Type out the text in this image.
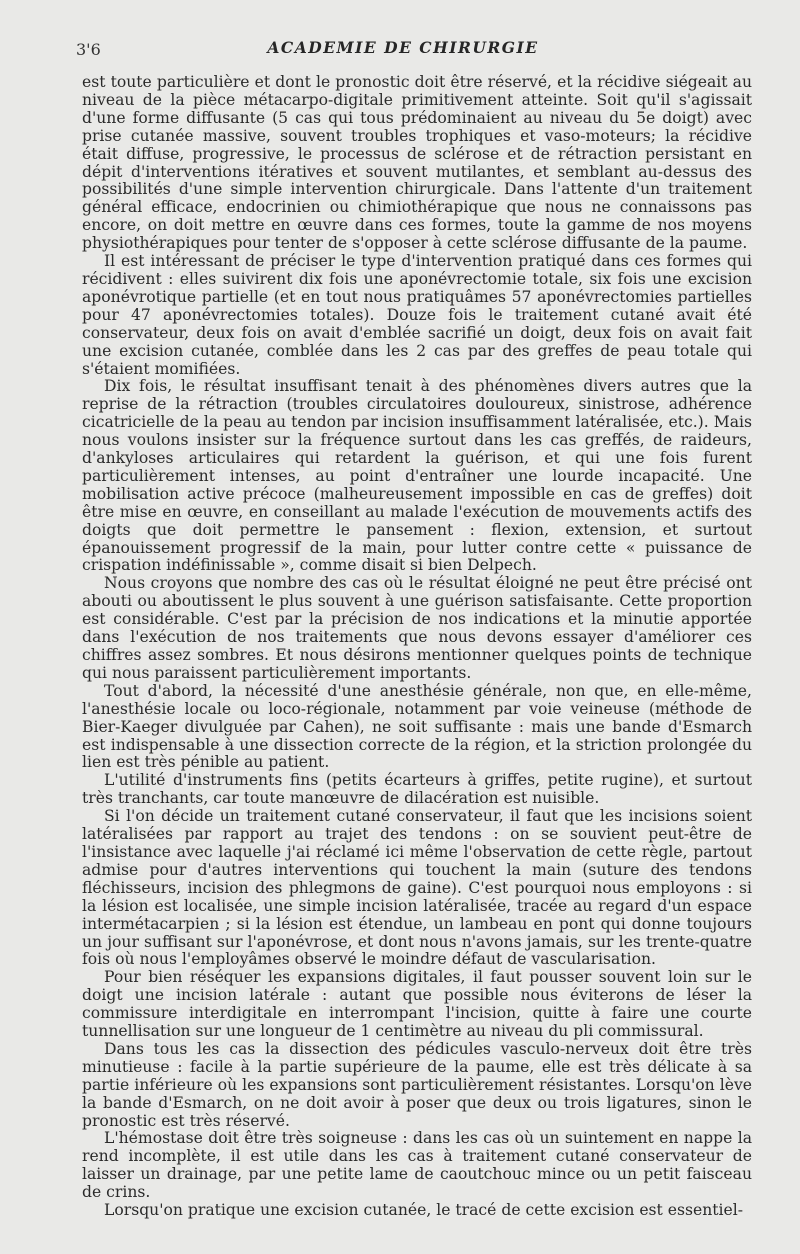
3'6	ACADEMIE DE CHIRURGIE

est toute particulière et dont le pronostic doit être réservé, et la récidive siégeait au niveau de la pièce métacarpo-digitale primitivement atteinte. Soit qu'il s'agissait d'une forme diffusante (5 cas qui tous prédominaient au niveau du 5e doigt) avec prise cutanée massive, souvent troubles trophiques et vaso-moteurs; la récidive était diffuse, progressive, le processus de sclérose et de rétraction persistant en dépit d'interventions itératives et souvent mutilantes, et semblant au-dessus des possibilités d'une simple intervention chirurgicale. Dans l'attente d'un traitement général efficace, endocrinien ou chimiothérapique que nous ne connaissons pas encore, on doit mettre en œuvre dans ces formes, toute la gamme de nos moyens physiothérapiques pour tenter de s'opposer à cette sclérose diffusante de la paume.

Il est intéressant de préciser le type d'intervention pratiqué dans ces formes qui récidivent : elles suivirent dix fois une aponévrectomie totale, six fois une excision aponévrotique partielle (et en tout nous pratiquâmes 57 aponévrectomies partielles pour 47 aponévrectomies totales). Douze fois le traitement cutané avait été conservateur, deux fois on avait d'emblée sacrifié un doigt, deux fois on avait fait une excision cutanée, comblée dans les 2 cas par des greffes de peau totale qui s'étaient momifiées.

Dix fois, le résultat insuffisant tenait à des phénomènes divers autres que la reprise de la rétraction (troubles circulatoires douloureux, sinistrose, adhérence cicatricielle de la peau au tendon par incision insuffisamment latéralisée, etc.). Mais nous voulons insister sur la fréquence surtout dans les cas greffés, de raideurs, d'ankyloses articulaires qui retardent la guérison, et qui une fois furent particulièrement intenses, au point d'entraîner une lourde incapacité. Une mobilisation active précoce (malheureusement impossible en cas de greffes) doit être mise en œuvre, en conseillant au malade l'exécution de mouvements actifs des doigts que doit permettre le pansement : flexion, extension, et surtout épanouissement progressif de la main, pour lutter contre cette « puissance de crispation indéfinissable », comme disait si bien Delpech.

Nous croyons que nombre des cas où le résultat éloigné ne peut être précisé ont abouti ou aboutissent le plus souvent à une guérison satisfaisante. Cette proportion est considérable. C'est par la précision de nos indications et la minutie apportée dans l'exécution de nos traitements que nous devons essayer d'améliorer ces chiffres assez sombres. Et nous désirons mentionner quelques points de technique qui nous paraissent particulièrement importants.

Tout d'abord, la nécessité d'une anesthésie générale, non que, en elle-même, l'anesthésie locale ou loco-régionale, notamment par voie veineuse (méthode de Bier-Kaeger divulguée par Cahen), ne soit suffisante : mais une bande d'Esmarch est indispensable à une dissection correcte de la région, et la striction prolongée du lien est très pénible au patient.

L'utilité d'instruments fins (petits écarteurs à griffes, petite rugine), et surtout très tranchants, car toute manœuvre de dilacération est nuisible.

Si l'on décide un traitement cutané conservateur, il faut que les incisions soient latéralisées par rapport au trajet des tendons : on se souvient peut-être de l'insistance avec laquelle j'ai réclamé ici même l'observation de cette règle, partout admise pour d'autres interventions qui touchent la main (suture des tendons fléchisseurs, incision des phlegmons de gaine). C'est pourquoi nous employons : si la lésion est localisée, une simple incision latéralisée, tracée au regard d'un espace intermétacarpien ; si la lésion est étendue, un lambeau en pont qui donne toujours un jour suffisant sur l'aponévrose, et dont nous n'avons jamais, sur les trente-quatre fois où nous l'employâmes observé le moindre défaut de vascularisation.

Pour bien réséquer les expansions digitales, il faut pousser souvent loin sur le doigt une incision latérale : autant que possible nous éviterons de léser la commissure interdigitale en interrompant l'incision, quitte à faire une courte tunnellisation sur une longueur de 1 centimètre au niveau du pli commissural.

Dans tous les cas la dissection des pédicules vasculo-nerveux doit être très minutieuse : facile à la partie supérieure de la paume, elle est très délicate à sa partie inférieure où les expansions sont particulièrement résistantes. Lorsqu'on lève la bande d'Esmarch, on ne doit avoir à poser que deux ou trois ligatures, sinon le pronostic est très réservé.

L'hémostase doit être très soigneuse : dans les cas où un suintement en nappe la rend incomplète, il est utile dans les cas à traitement cutané conservateur de laisser un drainage, par une petite lame de caoutchouc mince ou un petit faisceau de crins.

Lorsqu'on pratique une excision cutanée, le tracé de cette excision est essentiel-
